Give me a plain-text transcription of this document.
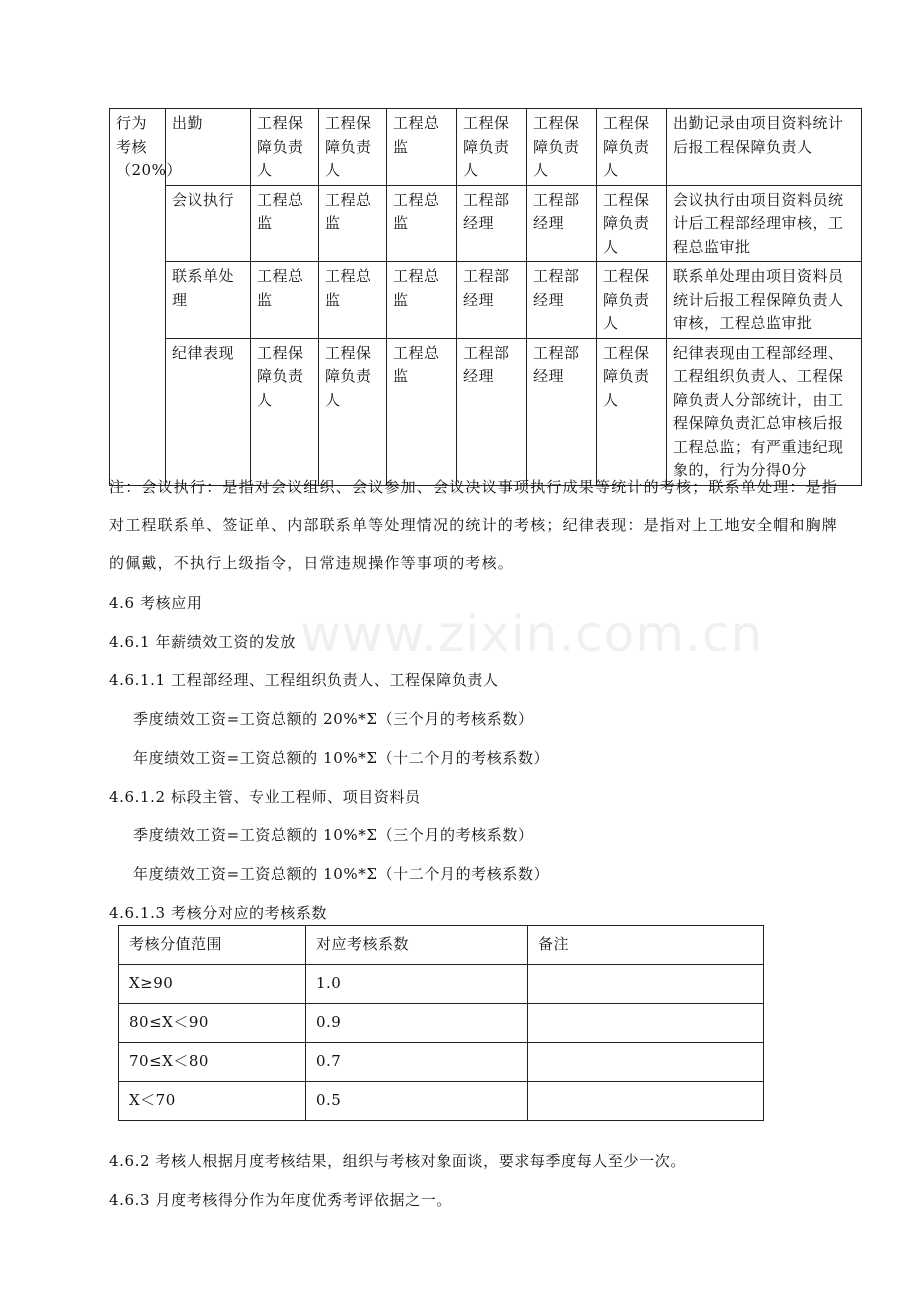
行为考核（20%）	出勤	工程保障负责人	工程保障负责人	工程总监	工程保障负责人	工程保障负责人	工程保障负责人	出勤记录由项目资料统计后报工程保障负责人
	会议执行	工程总监	工程总监	工程总监	工程部经理	工程部经理	工程保障负责人	会议执行由项目资料员统计后工程部经理审核，工程总监审批
	联系单处理	工程总监	工程总监	工程总监	工程部经理	工程部经理	工程保障负责人	联系单处理由项目资料员统计后报工程保障负责人审核，工程总监审批
	纪律表现	工程保障负责人	工程保障负责人	工程总监	工程部经理	工程部经理	工程保障负责人	纪律表现由工程部经理、工程组织负责人、工程保障负责人分部统计，由工程保障负责汇总审核后报工程总监；有严重违纪现象的，行为分得0分
注：会议执行：是指对会议组织、会议参加、会议决议事项执行成果等统计的考核；联系单处理：是指
对工程联系单、签证单、内部联系单等处理情况的统计的考核；纪律表现：是指对上工地安全帽和胸牌
的佩戴，不执行上级指令，日常违规操作等事项的考核。
4.6 考核应用
4.6.1 年薪绩效工资的发放
4.6.1.1 工程部经理、工程组织负责人、工程保障负责人
季度绩效工资=工资总额的 20%*Σ（三个月的考核系数）
年度绩效工资=工资总额的 10%*Σ（十二个月的考核系数）
4.6.1.2 标段主管、专业工程师、项目资料员
季度绩效工资=工资总额的 10%*Σ（三个月的考核系数）
年度绩效工资=工资总额的 10%*Σ（十二个月的考核系数）
4.6.1.3 考核分对应的考核系数
www.zixin.com.cn
考核分值范围	对应考核系数	备注
X≥90	1.0	
80≤X＜90	0.9	
70≤X＜80	0.7	
X＜70	0.5	
4.6.2 考核人根据月度考核结果，组织与考核对象面谈，要求每季度每人至少一次。
4.6.3 月度考核得分作为年度优秀考评依据之一。
